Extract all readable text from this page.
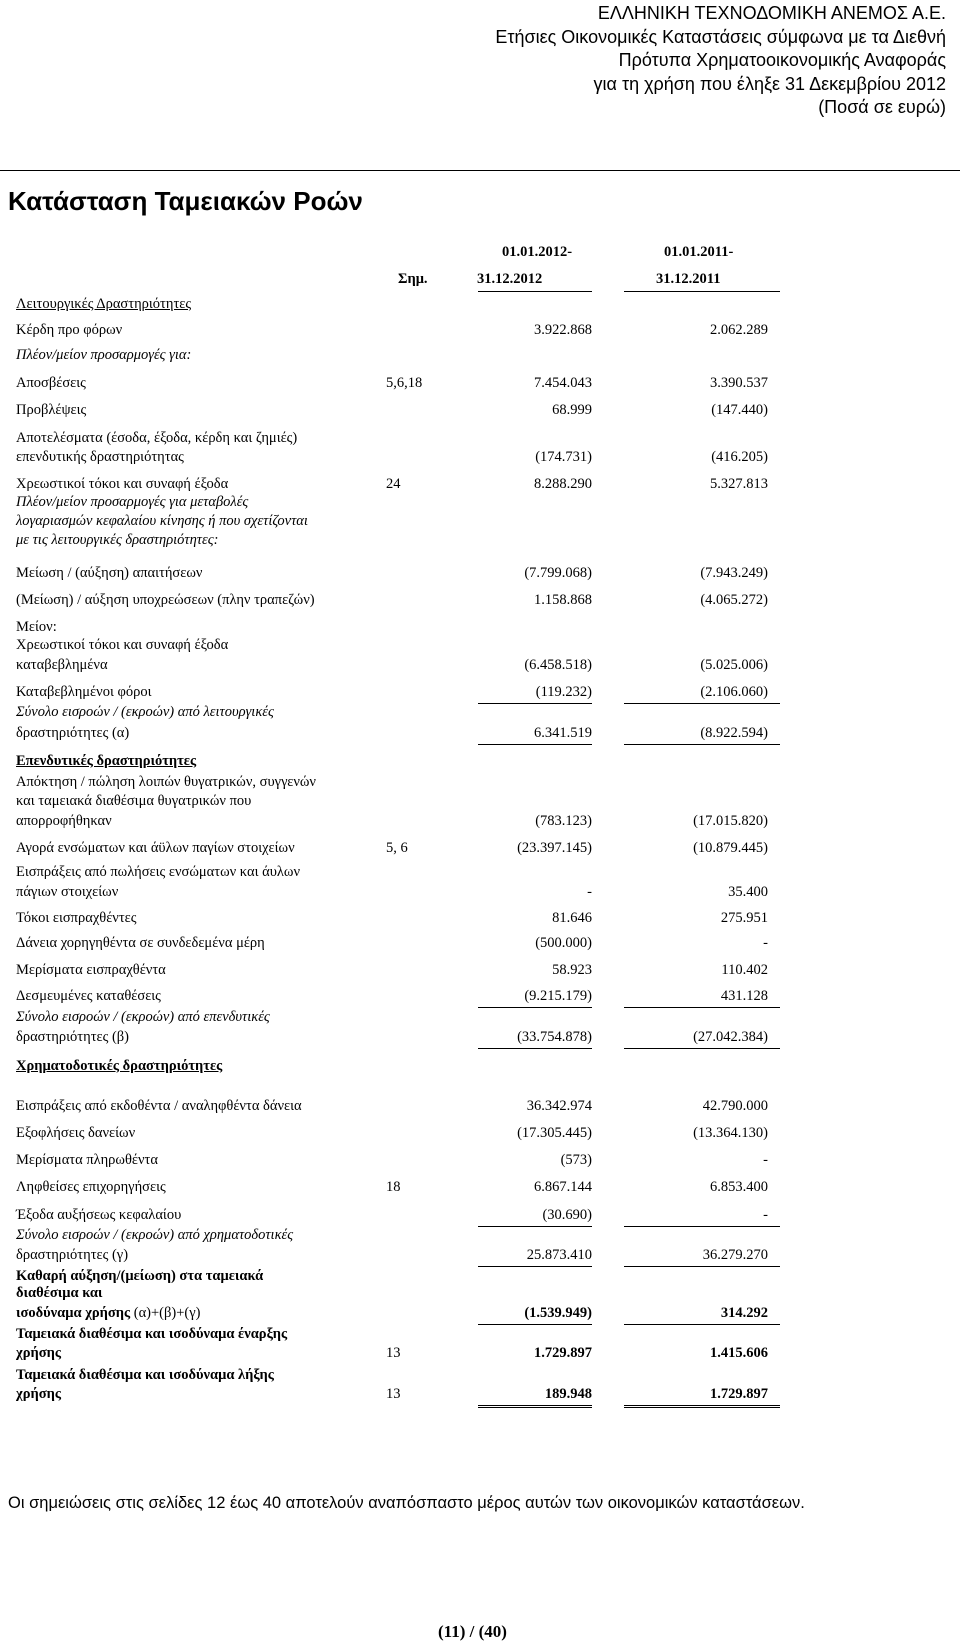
ΕΛΛΗΝΙΚΗ ΤΕΧΝΟΔΟΜΙΚΗ ΑΝΕΜΟΣ Α.Ε.
Ετήσιες Οικονομικές Καταστάσεις σύμφωνα με τα Διεθνή
Πρότυπα Χρηματοοικονομικής Αναφοράς
για τη χρήση που έληξε 31 Δεκεμβρίου 2012
(Ποσά σε ευρώ)
Κατάσταση Ταμειακών Ροών
01.01.2012-	01.01.2011-
Σημ.	31.12.2012	31.12.2011
Λειτουργικές Δραστηριότητες
Κέρδη προ φόρων	3.922.868	2.062.289
Πλέον/μείον προσαρμογές για:
Αποσβέσεις	5,6,18	7.454.043	3.390.537
Προβλέψεις	68.999	(147.440)
Αποτελέσματα (έσοδα, έξοδα, κέρδη και ζημιές)
επενδυτικής δραστηριότητας	(174.731)	(416.205)
Χρεωστικοί τόκοι και συναφή έξοδα	24	8.288.290	5.327.813
Πλέον/μείον προσαρμογές για μεταβολές
λογαριασμών κεφαλαίου κίνησης ή που σχετίζονται
με τις λειτουργικές δραστηριότητες:
Μείωση / (αύξηση) απαιτήσεων	(7.799.068)	(7.943.249)
(Μείωση) / αύξηση υποχρεώσεων (πλην τραπεζών)	1.158.868	(4.065.272)
Μείον:
Χρεωστικοί τόκοι και συναφή έξοδα
καταβεβλημένα	(6.458.518)	(5.025.006)
Καταβεβλημένοι φόροι	(119.232)	(2.106.060)
Σύνολο εισροών / (εκροών) από λειτουργικές
δραστηριότητες (α)	6.341.519	(8.922.594)
Επενδυτικές δραστηριότητες
Απόκτηση / πώληση λοιπών θυγατρικών, συγγενών
και ταμειακά διαθέσιμα θυγατρικών που
απορροφήθηκαν	(783.123)	(17.015.820)
Αγορά ενσώματων και άϋλων παγίων στοιχείων	5, 6	(23.397.145)	(10.879.445)
Εισπράξεις από πωλήσεις ενσώματων και άυλων
πάγιων στοιχείων	-	35.400
Τόκοι εισπραχθέντες	81.646	275.951
Δάνεια χορηγηθέντα σε συνδεδεμένα μέρη	(500.000)	-
Μερίσματα εισπραχθέντα	58.923	110.402
Δεσμευμένες καταθέσεις	(9.215.179)	431.128
Σύνολο εισροών / (εκροών) από επενδυτικές
δραστηριότητες (β)	(33.754.878)	(27.042.384)
Χρηματοδοτικές δραστηριότητες
Εισπράξεις από εκδοθέντα / αναληφθέντα δάνεια	36.342.974	42.790.000
Εξοφλήσεις δανείων	(17.305.445)	(13.364.130)
Μερίσματα πληρωθέντα	(573)	-
Ληφθείσες επιχορηγήσεις	18	6.867.144	6.853.400
Έξοδα αυξήσεως κεφαλαίου	(30.690)	-
Σύνολο εισροών / (εκροών) από χρηματοδοτικές
δραστηριότητες (γ)	25.873.410	36.279.270
Καθαρή αύξηση/(μείωση) στα ταμειακά
διαθέσιμα και
ισοδύναμα χρήσης (α)+(β)+(γ)	(1.539.949)	314.292
Ταμειακά διαθέσιμα και ισοδύναμα έναρξης
χρήσης	13	1.729.897	1.415.606
Ταμειακά διαθέσιμα και ισοδύναμα λήξης
χρήσης	13	189.948	1.729.897
Οι σημειώσεις στις σελίδες 12 έως 40 αποτελούν αναπόσπαστο μέρος αυτών των οικονομικών καταστάσεων.
(11) / (40)
